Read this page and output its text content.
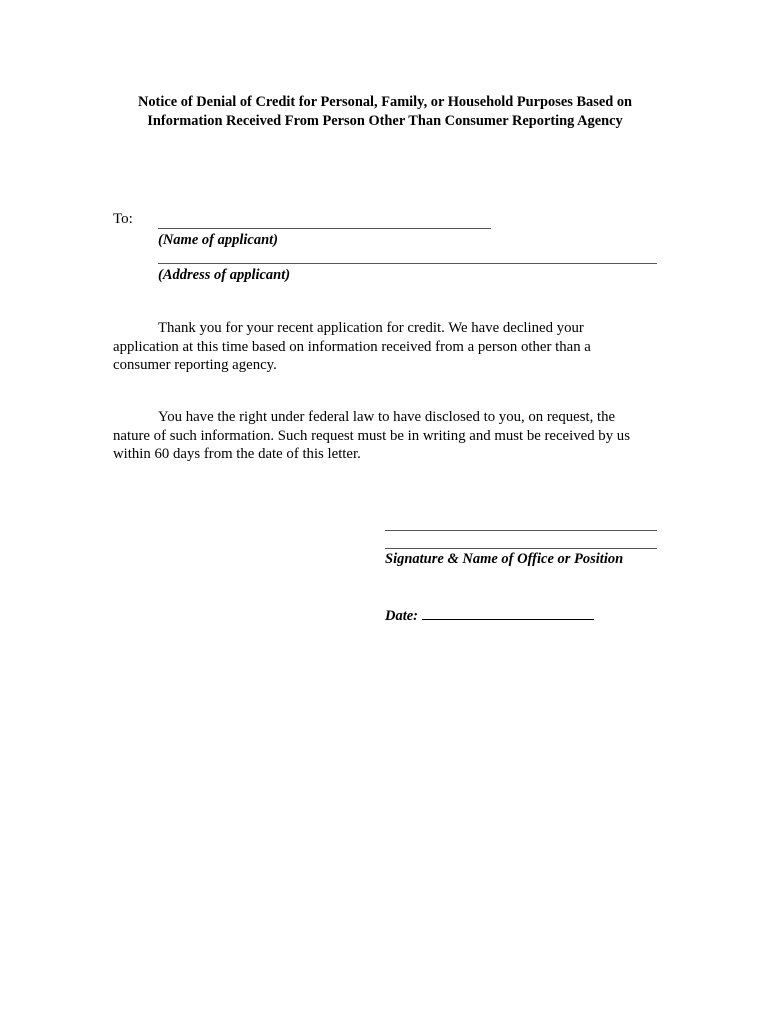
Notice of Denial of Credit for Personal, Family, or Household Purposes Based on
Information Received From Person Other Than Consumer Reporting Agency
To:
(Name of applicant)
(Address of applicant)
Thank you for your recent application for credit. We have declined your
application at this time based on information received from a person other than a
consumer reporting agency.
You have the right under federal law to have disclosed to you, on request, the
nature of such information. Such request must be in writing and must be received by us
within 60 days from the date of this letter.
Signature & Name of Office or Position
Date:
